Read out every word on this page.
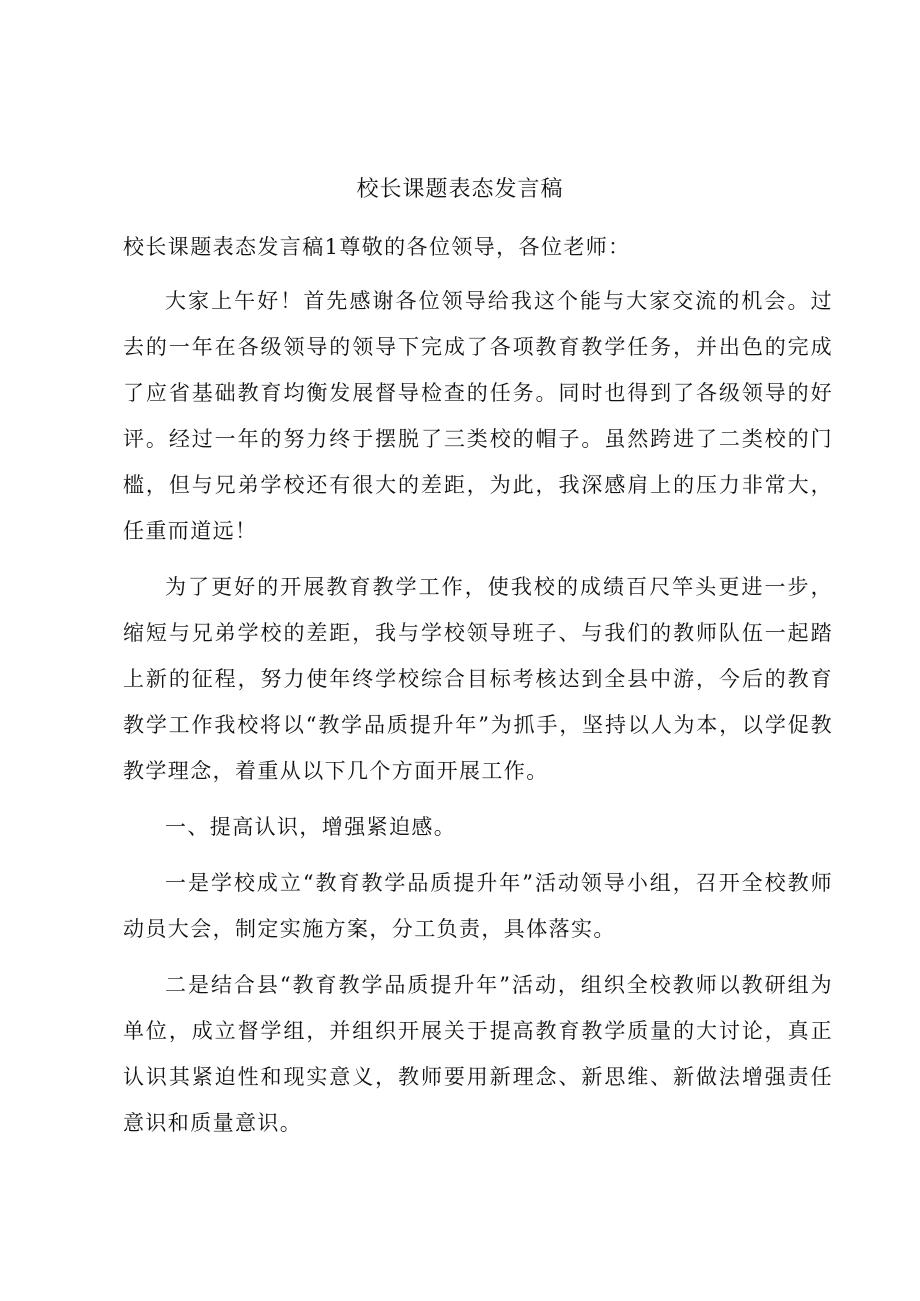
校长课题表态发言稿

校长课题表态发言稿1尊敬的各位领导，各位老师：

大家上午好！首先感谢各位领导给我这个能与大家交流的机会。过去的一年在各级领导的领导下完成了各项教育教学任务，并出色的完成了应省基础教育均衡发展督导检查的任务。同时也得到了各级领导的好评。经过一年的努力终于摆脱了三类校的帽子。虽然跨进了二类校的门槛，但与兄弟学校还有很大的差距，为此，我深感肩上的压力非常大，任重而道远！

为了更好的开展教育教学工作，使我校的成绩百尺竿头更进一步，缩短与兄弟学校的差距，我与学校领导班子、与我们的教师队伍一起踏上新的征程，努力使年终学校综合目标考核达到全县中游，今后的教育教学工作我校将以“教学品质提升年”为抓手，坚持以人为本，以学促教教学理念，着重从以下几个方面开展工作。

一、提高认识，增强紧迫感。

一是学校成立“教育教学品质提升年”活动领导小组，召开全校教师动员大会，制定实施方案，分工负责，具体落实。

二是结合县“教育教学品质提升年”活动，组织全校教师以教研组为单位，成立督学组，并组织开展关于提高教育教学质量的大讨论，真正认识其紧迫性和现实意义，教师要用新理念、新思维、新做法增强责任意识和质量意识。
